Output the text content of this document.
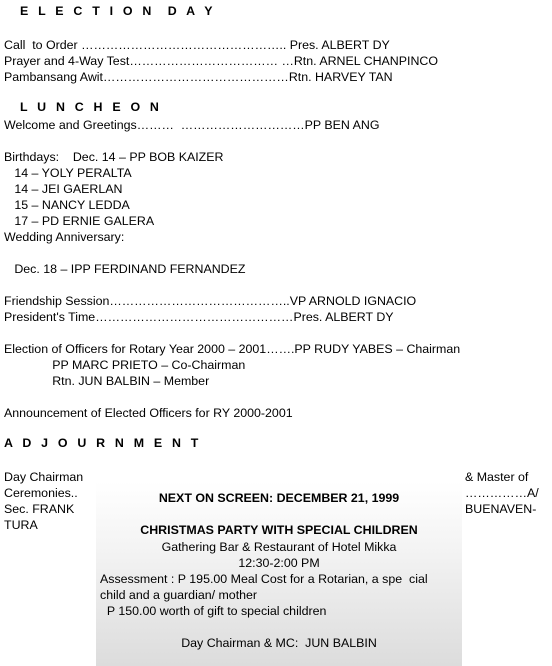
E L E C T I O N  D A Y
Call  to Order ………………………………………….. Pres. ALBERT DY
Prayer and 4-Way Test……………………………… …Rtn. ARNEL CHANPINCO
Pambansang Awit………………………………………Rtn. HARVEY TAN
L U N C H E O N
Welcome and Greetings………  …………………………PP BEN ANG
Birthdays:    Dec. 14 – PP BOB KAIZER
14 – YOLY PERALTA
14 – JEI GAERLAN
15 – NANCY LEDDA
17 – PD ERNIE GALERA
Wedding Anniversary:
Dec. 18 – IPP FERDINAND FERNANDEZ
Friendship Session……………………………………..VP ARNOLD IGNACIO
President's Time…………………………………………Pres. ALBERT DY
Election of Officers for Rotary Year 2000 – 2001…….PP RUDY YABES – Chairman
PP MARC PRIETO – Co-Chairman
Rtn. JUN BALBIN – Member
Announcement of Elected Officers for RY 2000-2001
A D J O U R N M E N T
Day Chairman
Ceremonies..
Sec. FRANK
TURA
& Master of
……………A/
BUENAVEN-
NEXT ON SCREEN: DECEMBER 21, 1999
CHRISTMAS PARTY WITH SPECIAL CHILDREN
Gathering Bar & Restaurant of Hotel Mikka
12:30-2:00 PM
Assessment : P 195.00 Meal Cost for a Rotarian, a spe  cial
child and a guardian/ mother
P 150.00 worth of gift to special children
Day Chairman & MC:  JUN BALBIN
